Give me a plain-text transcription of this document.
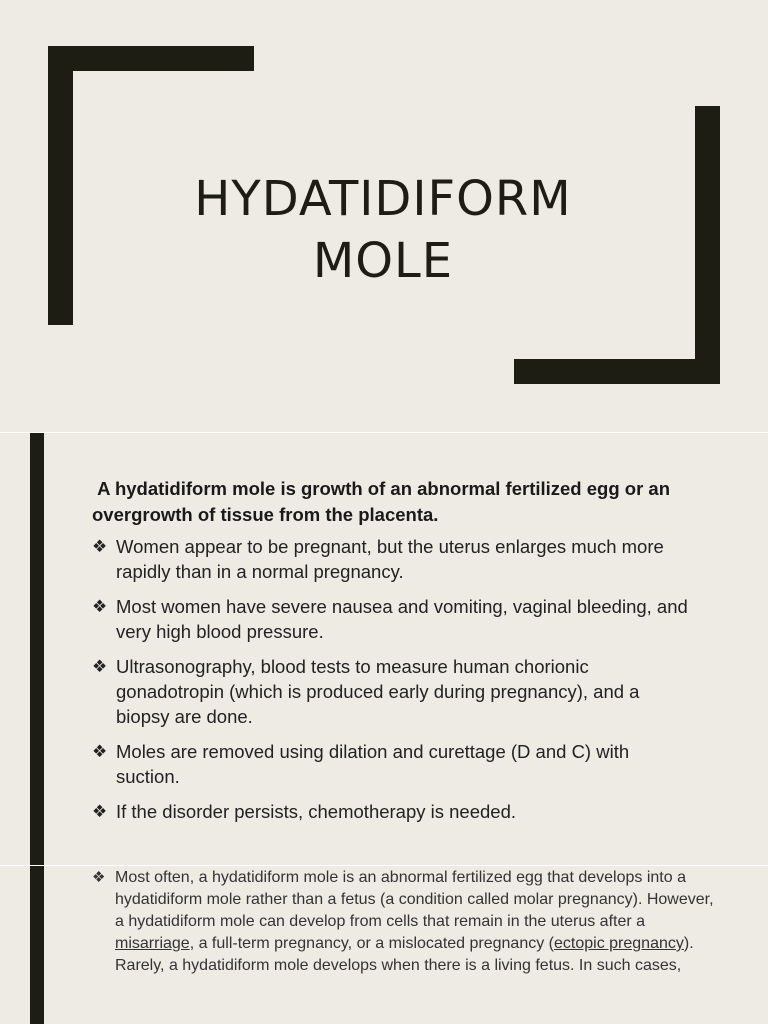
HYDATIDIFORM
MOLE
A hydatidiform mole is growth of an abnormal fertilized egg or an overgrowth of tissue from the placenta.
❖ Women appear to be pregnant, but the uterus enlarges much more rapidly than in a normal pregnancy.
❖ Most women have severe nausea and vomiting, vaginal bleeding, and very high blood pressure.
❖ Ultrasonography, blood tests to measure human chorionic gonadotropin (which is produced early during pregnancy), and a biopsy are done.
❖ Moles are removed using dilation and curettage (D and C) with suction.
❖ If the disorder persists, chemotherapy is needed.
❖ Most often, a hydatidiform mole is an abnormal fertilized egg that develops into a hydatidiform mole rather than a fetus (a condition called molar pregnancy). However, a hydatidiform mole can develop from cells that remain in the uterus after a misarriage, a full-term pregnancy, or a mislocated pregnancy (ectopic pregnancy). Rarely, a hydatidiform mole develops when there is a living fetus. In such cases,
